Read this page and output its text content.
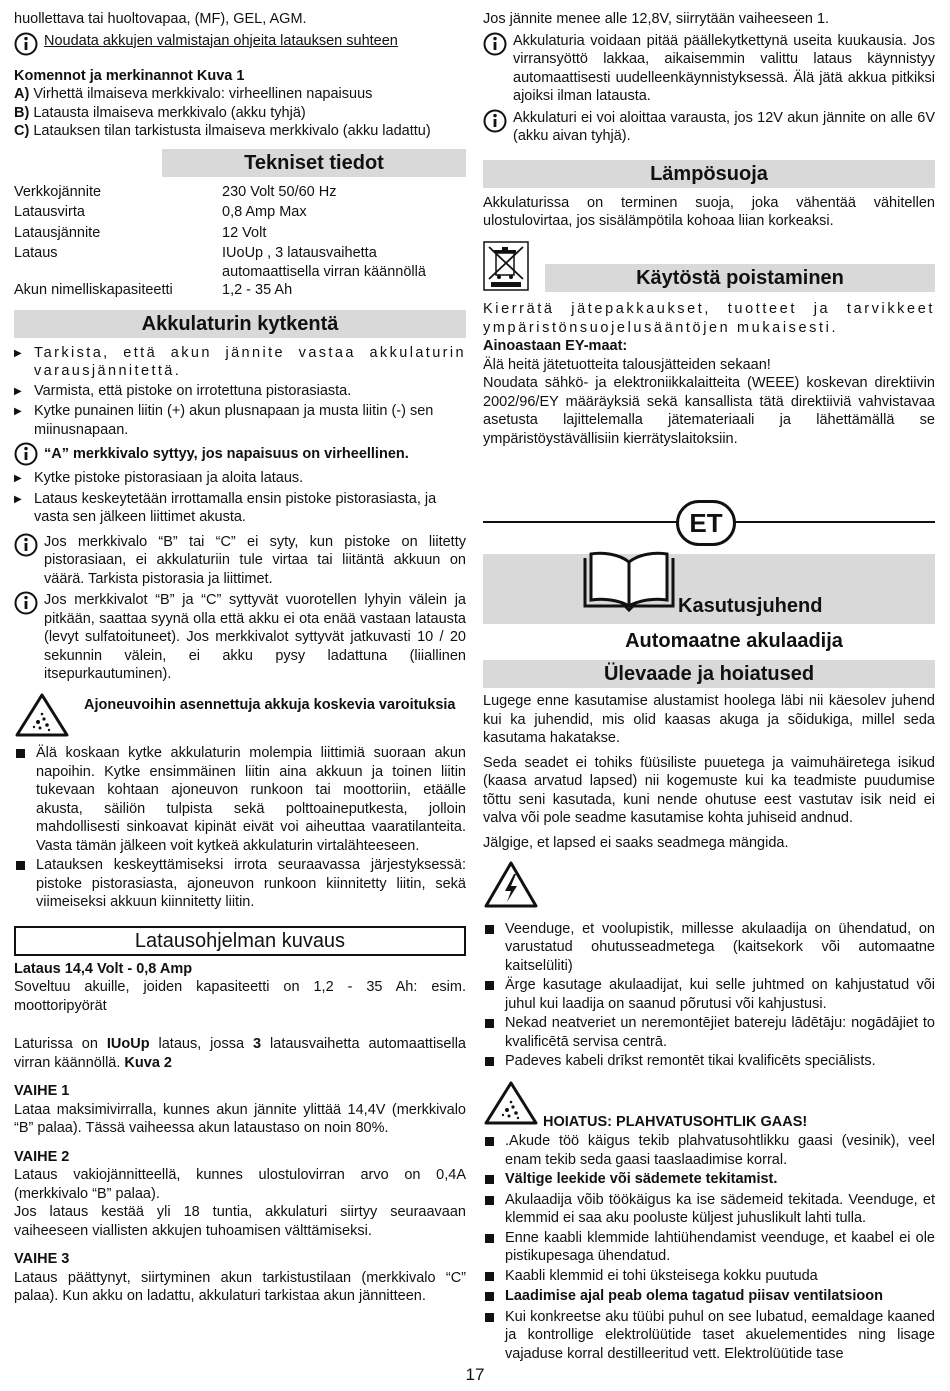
huollettava tai huoltovapaa, (MF), GEL, AGM.

Noudata akkujen valmistajan ohjeita latauksen suhteen

Komennot ja merkinannot Kuva 1

A) Virhettä ilmaiseva merkkivalo: virheellinen napaisuus

B) Latausta ilmaiseva merkkivalo (akku tyhjä)

C) Latauksen tilan tarkistusta ilmaiseva merkkivalo (akku ladattu)

Tekniset tiedot
Verkkojännite	230 Volt 50/60 Hz
Latausvirta	0,8 Amp Max
Latausjännite	12 Volt
Lataus	IUoUp , 3 latausvaihetta automaattisella virran käännöllä
Akun nimelliskapasiteetti	1,2 - 35 Ah
Akkulaturin kytkentä
▶ Tarkista, että akun jännite vastaa akkulaturin varausjännitettä.
▶ Varmista, että pistoke on irrotettuna pistorasiasta.
▶ Kytke punainen liitin (+) akun plusnapaan ja musta liitin (-) sen miinusnapaan.
“A” merkkivalo syttyy, jos napaisuus on virheellinen.
▶ Kytke pistoke pistorasiaan ja aloita lataus.
▶ Lataus keskeytetään irrottamalla ensin pistoke pistorasiasta, ja vasta sen jälkeen liittimet akusta.
Jos merkkivalo “B” tai “C” ei syty, kun pistoke on liitetty pistorasiaan, ei akkulaturiin tule virtaa tai liitäntä akkuun on väärä. Tarkista pistorasia ja liittimet.
Jos merkkivalot “B” ja “C” syttyvät vuorotellen lyhyin välein ja pitkään, saattaa syynä olla että akku ei ota enää vastaan latausta (levyt sulfatoituneet). Jos merkkivalot syttyvät jatkuvasti 10 / 20 sekunnin välein, ei akku pysy ladattuna (liiallinen itsepurkautuminen).
Ajoneuvoihin asennettuja akkuja koskevia varoituksia
Älä koskaan kytke akkulaturin molempia liittimiä suoraan akun napoihin. Kytke ensimmäinen liitin aina akkuun ja toinen liitin tukevaan kohtaan ajoneuvon runkoon tai moottoriin, etäälle akusta, säiliön tulpista sekä polttoaineputkesta, jolloin mahdollisesti sinkoavat kipinät eivät voi aiheuttaa vaaratilanteita. Vasta tämän jälkeen voit kytkeä akkulaturin virtalähteeseen.
Latauksen keskeyttämiseksi irrota seuraavassa järjestyksessä: pistoke pistorasiasta, ajoneuvon runkoon kiinnitetty liitin, sekä viimeiseksi akkuun kiinnitetty liitin.
Latausohjelman kuvaus

Lataus 14,4 Volt - 0,8 Amp

Soveltuu akuille, joiden kapasiteetti on 1,2 - 35 Ah: esim. moottoripyörät

Laturissa on IUoUp lataus, jossa 3 latausvaihetta automaattisella virran käännöllä. Kuva 2

VAIHE 1

Lataa maksimivirralla, kunnes akun jännite ylittää 14,4V (merkkivalo “B” palaa). Tässä vaiheessa akun lataustaso on noin 80%.

VAIHE 2

Lataus vakiojännitteellä, kunnes ulostulovirran arvo on 0,4A (merkkivalo “B” palaa).

Jos lataus kestää yli 18 tuntia, akkulaturi siirtyy seuraavaan vaiheeseen viallisten akkujen tuhoamisen välttämiseksi.

VAIHE 3

Lataus päättynyt, siirtyminen akun tarkistustilaan (merkkivalo “C” palaa). Kun akku on ladattu, akkulaturi tarkistaa akun jännitteen.

Jos jännite menee alle 12,8V, siirrytään vaiheeseen 1.

Akkulaturia voidaan pitää päällekytkettynä useita kuukausia. Jos virransyöttö lakkaa, aikaisemmin valittu lataus käynnistyy automaattisesti uudelleenkäynnistyksessä. Älä jätä akkua pitkiksi ajoiksi ilman latausta.
Akkulaturi ei voi aloittaa varausta, jos 12V akun jännite on alle 6V (akku aivan tyhjä).
Lämpösuoja

Akkulaturissa on terminen suoja, joka vähentää vähitellen ulostulovirtaa, jos sisälämpötila kohoaa liian korkeaksi.

Käytöstä poistaminen

Kierrätä jätepakkaukset, tuotteet ja tarvikkeet ympäristönsuojelusääntöjen mukaisesti.

Ainoastaan EY-maat:

Älä heitä jätetuotteita talousjätteiden sekaan!

Noudata sähkö- ja elektroniikkalaitteita (WEEE) koskevan direktiivin 2002/96/EY määräyksiä sekä kansallista tätä direktiiviä vahvistavaa asetusta lajittelemalla jätemateriaali ja lähettämällä se ympäristöystävällisiin kierrätyslaitoksiin.

ET
Kasutusjuhend
Automaatne akulaadija
Ülevaade ja hoiatused

Lugege enne kasutamise alustamist hoolega läbi nii käesolev juhend kui ka juhendid, mis olid kaasas akuga ja sõidukiga, millel seda kasutama hakatakse.

Seda seadet ei tohiks füüsiliste puuetega ja vaimuhäiretega isikud (kaasa arvatud lapsed) nii kogemuste kui ka teadmiste puudumise tõttu seni kasutada, kuni nende ohutuse eest vastutav isik neid ei valva või pole seadme kasutamise kohta juhiseid andnud.

Jälgige, et lapsed ei saaks seadmega mängida.

Veenduge, et voolupistik, millesse akulaadija on ühendatud, on varustatud ohutusseadmetega (kaitsekork või automaatne kaitselüliti)
Ärge kasutage akulaadijat, kui selle juhtmed on kahjustatud või juhul kui laadija on saanud põrutusi või kahjustusi.
Nekad neatveriet un neremontējiet batereju lādētāju: nogādājiet to kvalificētā servisa centrā.
Padeves kabeli drīkst remontēt tikai kvalificēts speciālists.
HOIATUS: PLAHVATUSOHTLIK GAAS!
.Akude töö käigus tekib plahvatusohtlikku gaasi (vesinik), veel enam tekib seda gaasi taaslaadimise korral.
Vältige leekide või sädemete tekitamist.
Akulaadija võib töökäigus ka ise sädemeid tekitada. Veenduge, et klemmid ei saa aku pooluste küljest juhuslikult lahti tulla.
Enne kaabli klemmide lahtiühendamist veenduge, et kaabel ei ole pistikupesaga ühendatud.
Kaabli klemmid ei tohi üksteisega kokku puutuda
Laadimise ajal peab olema tagatud piisav ventilatsioon
Kui konkreetse aku tüübi puhul on see lubatud, eemaldage kaaned ja kontrollige elektrolüütide taset akuelementides ning lisage vajaduse korral destilleeritud vett. Elektrolüütide tase
17
